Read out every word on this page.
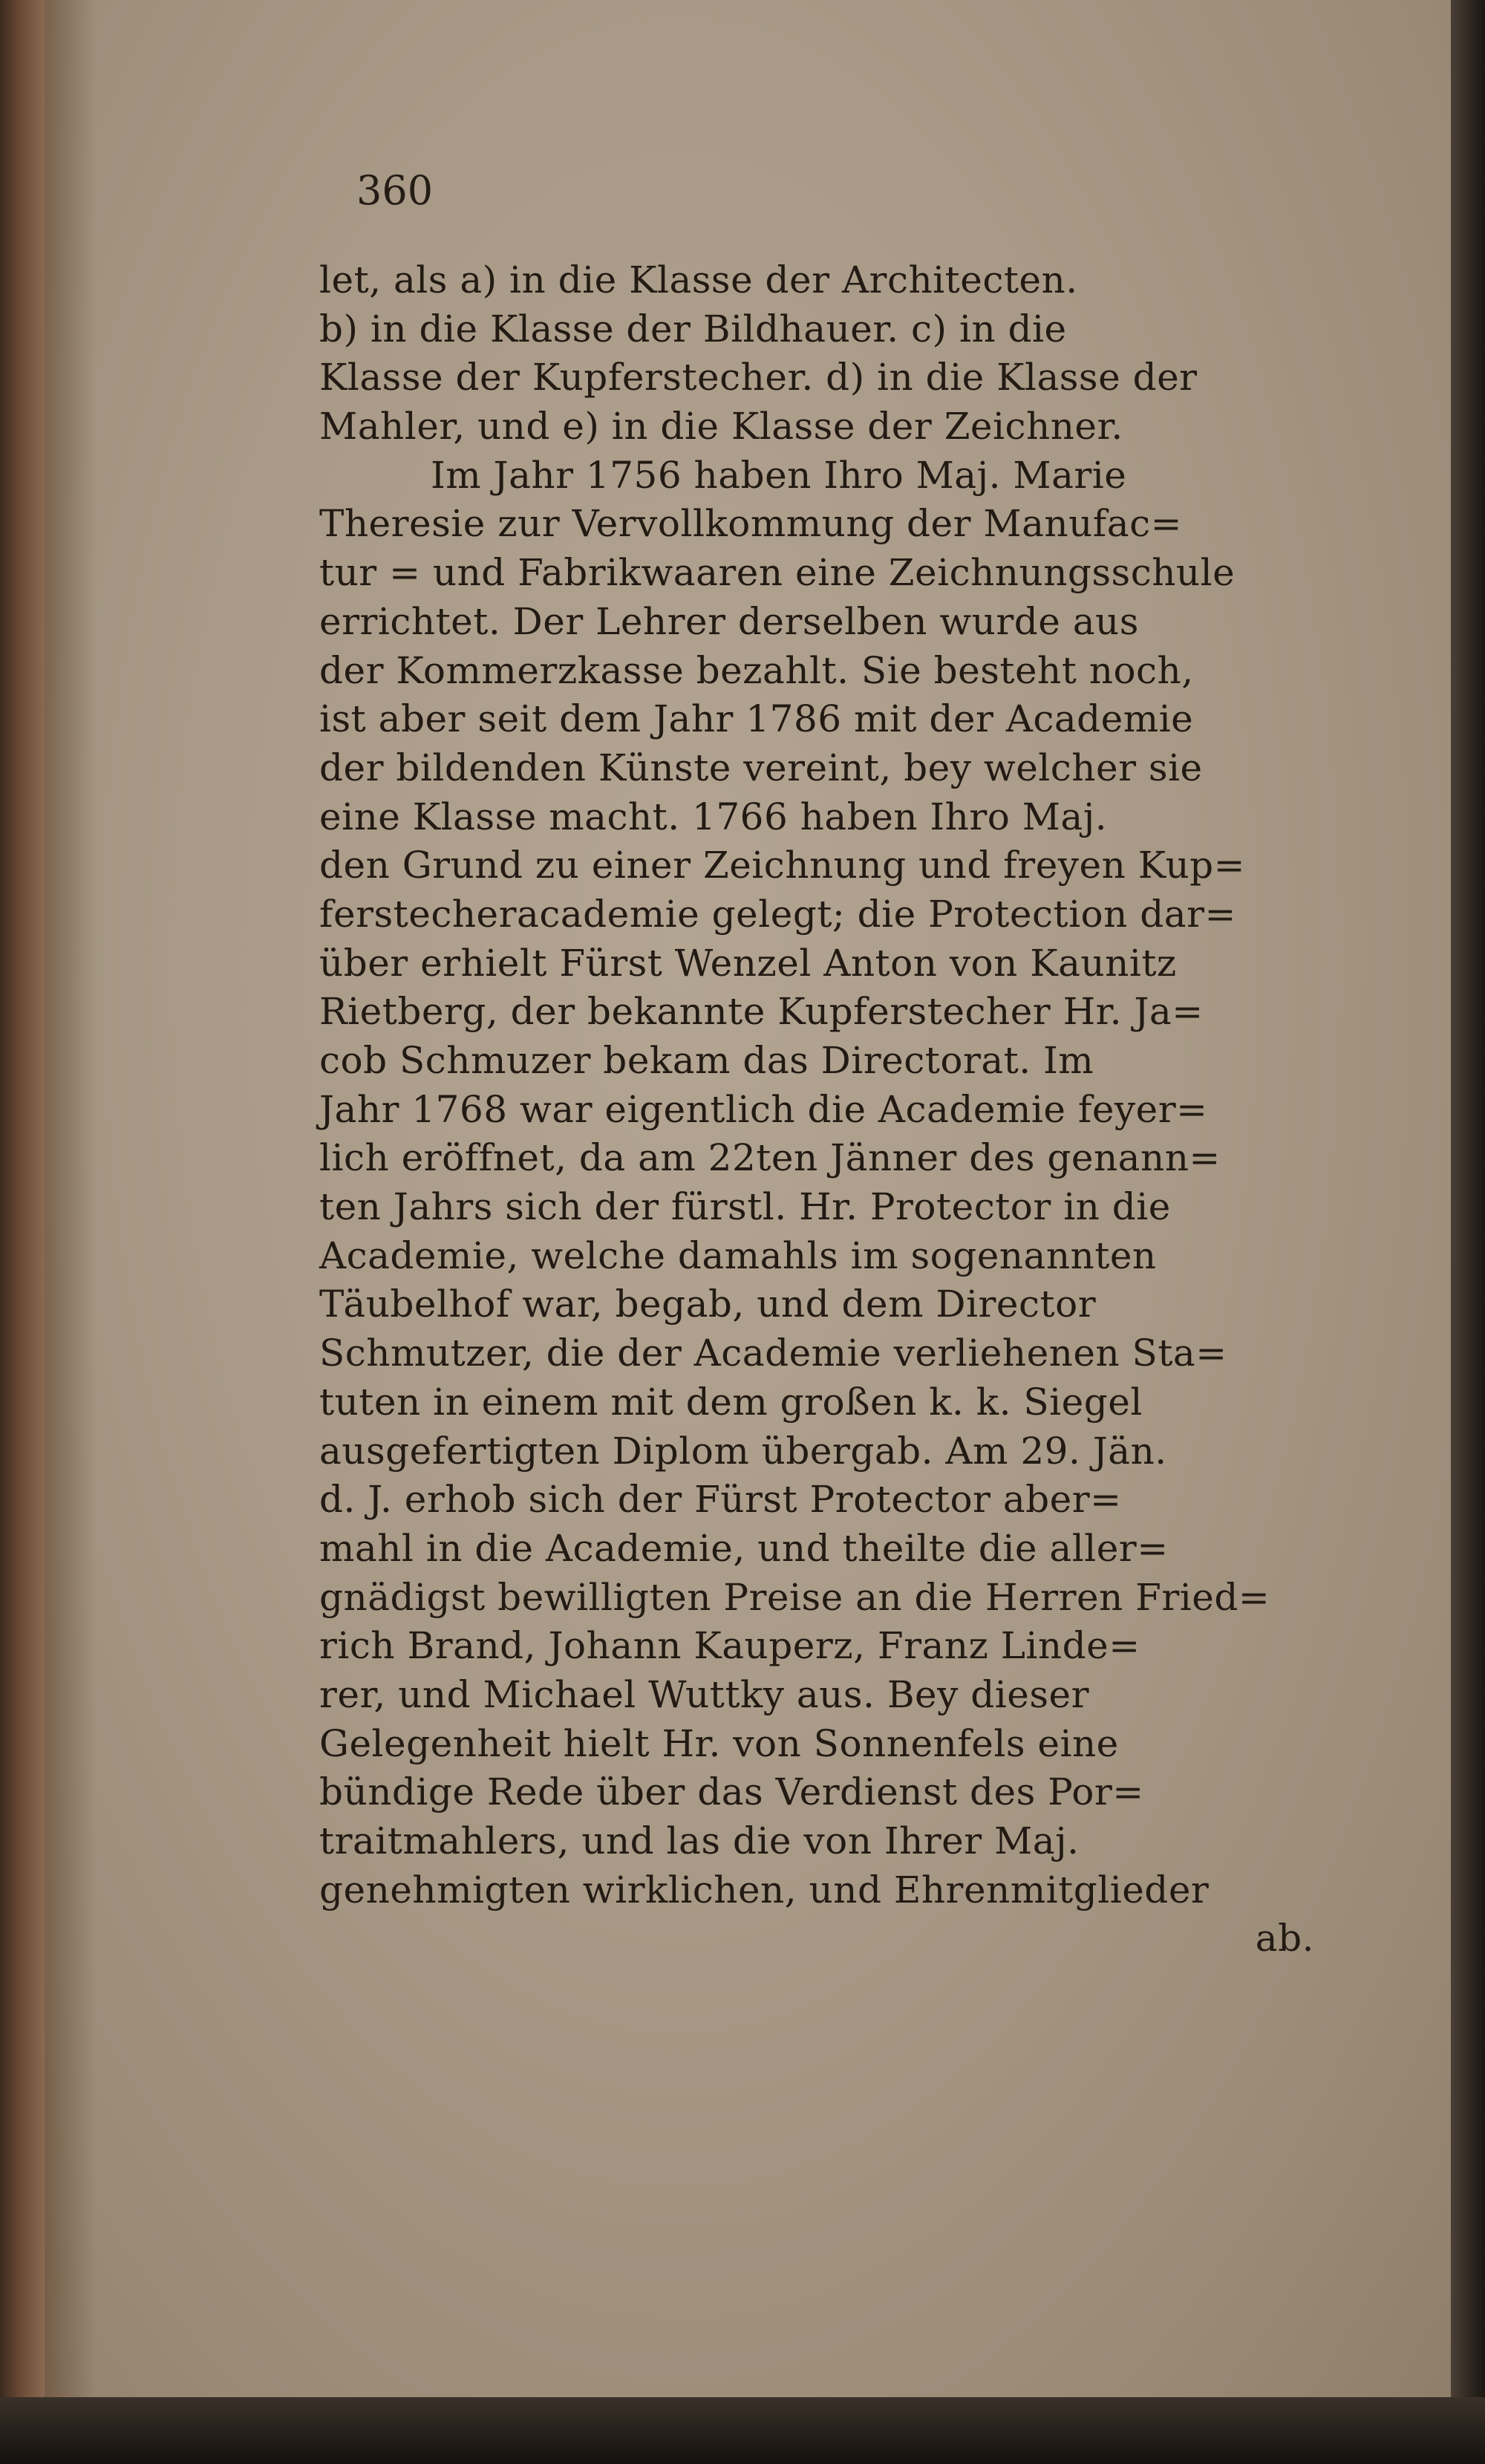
360
let, als a) in die Klasse der Architecten.
b) in die Klasse der Bildhauer. c) in die
Klasse der Kupferstecher. d) in die Klasse der
Mahler, und e) in die Klasse der Zeichner.
Im Jahr 1756 haben Ihro Maj. Marie
Theresie zur Vervollkommung der Manufac=
tur = und Fabrikwaaren eine Zeichnungsschule
errichtet. Der Lehrer derselben wurde aus
der Kommerzkasse bezahlt. Sie besteht noch,
ist aber seit dem Jahr 1786 mit der Academie
der bildenden Künste vereint, bey welcher sie
eine Klasse macht. 1766 haben Ihro Maj.
den Grund zu einer Zeichnung und freyen Kup=
ferstecheracademie gelegt; die Protection dar=
über erhielt Fürst Wenzel Anton von Kaunitz
Rietberg, der bekannte Kupferstecher Hr. Ja=
cob Schmuzer bekam das Directorat. Im
Jahr 1768 war eigentlich die Academie feyer=
lich eröffnet, da am 22ten Jänner des genann=
ten Jahrs sich der fürstl. Hr. Protector in die
Academie, welche damahls im sogenannten
Täubelhof war, begab, und dem Director
Schmutzer, die der Academie verliehenen Sta=
tuten in einem mit dem großen k. k. Siegel
ausgefertigten Diplom übergab. Am 29. Jän.
d. J. erhob sich der Fürst Protector aber=
mahl in die Academie, und theilte die aller=
gnädigst bewilligten Preise an die Herren Fried=
rich Brand, Johann Kauperz, Franz Linde=
rer, und Michael Wuttky aus. Bey dieser
Gelegenheit hielt Hr. von Sonnenfels eine
bündige Rede über das Verdienst des Por=
traitmahlers, und las die von Ihrer Maj.
genehmigten wirklichen, und Ehrenmitglieder
ab.
